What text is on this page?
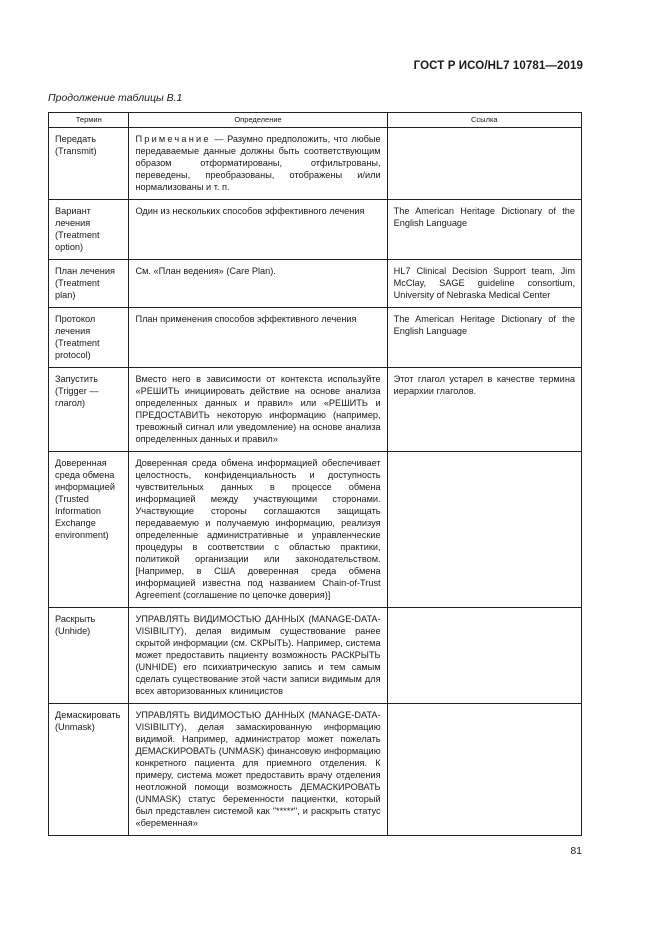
ГОСТ Р ИСО/HL7 10781—2019
Продолжение таблицы В.1
Термин	Определение	Ссылка
Передать
(Transmit)	Примечание — Разумно предположить, что любые передаваемые данные должны быть соответствующим образом отформатированы, отфильтрованы, переведены, преобразованы, отображены и/или нормализованы и т. п.	
Вариант лечения
(Treatment option)	Один из нескольких способов эффективного лечения	The American Heritage Dictionary of the English Language
План лечения
(Treatment plan)	См. «План ведения» (Care Plan).	HL7 Clinical Decision Support team, Jim McClay, SAGE guideline consortium, University of Nebraska Medical Center
Протокол лечения
(Treatment protocol)	План применения способов эффективного лечения	The American Heritage Dictionary of the English Language
Запустить
(Trigger — глагол)	Вместо него в зависимости от контекста используйте «РЕШИТЬ инициировать действие на основе анализа определенных данных и правил» или «РЕШИТЬ и ПРЕДОСТАВИТЬ некоторую информацию (например, тревожный сигнал или уведомление) на основе анализа определенных данных и правил»	Этот глагол устарел в качестве термина иерархии глаголов.
Доверенная среда обмена информацией
(Trusted Information Exchange environment)	Доверенная среда обмена информацией обеспечивает целостность, конфиденциальность и доступность чувствительных данных в процессе обмена информацией между участвующими сторонами. Участвующие стороны соглашаются защищать передаваемую и получаемую информацию, реализуя определенные административные и управленческие процедуры в соответствии с областью практики, политикой организации или законодательством. [Например, в США доверенная среда обмена информацией известна под названием Chain-of-Trust Agreement (соглашение по цепочке доверия)]	
Раскрыть
(Unhide)	УПРАВЛЯТЬ ВИДИМОСТЬЮ ДАННЫХ (MANAGE-DATA-VISIBILITY), делая видимым существование ранее скрытой информации (см. СКРЫТЬ). Например, система может предоставить пациенту возможность РАСКРЫТЬ (UNHIDE) его психиатрическую запись и тем самым сделать существование этой части записи видимым для всех авторизованных клиницистов	
Демаскировать
(Unmask)	УПРАВЛЯТЬ ВИДИМОСТЬЮ ДАННЫХ (MANAGE-DATA-VISIBILITY), делая замаскированную информацию видимой. Например, администратор может пожелать ДЕМАСКИРОВАТЬ (UNMASK) финансовую информацию конкретного пациента для приемного отделения. К примеру, система может предоставить врачу отделения неотложной помощи возможность ДЕМАСКИРОВАТЬ (UNMASK) статус беременности пациентки, который был представлен системой как "*****", и раскрыть статус «беременная»	
81
